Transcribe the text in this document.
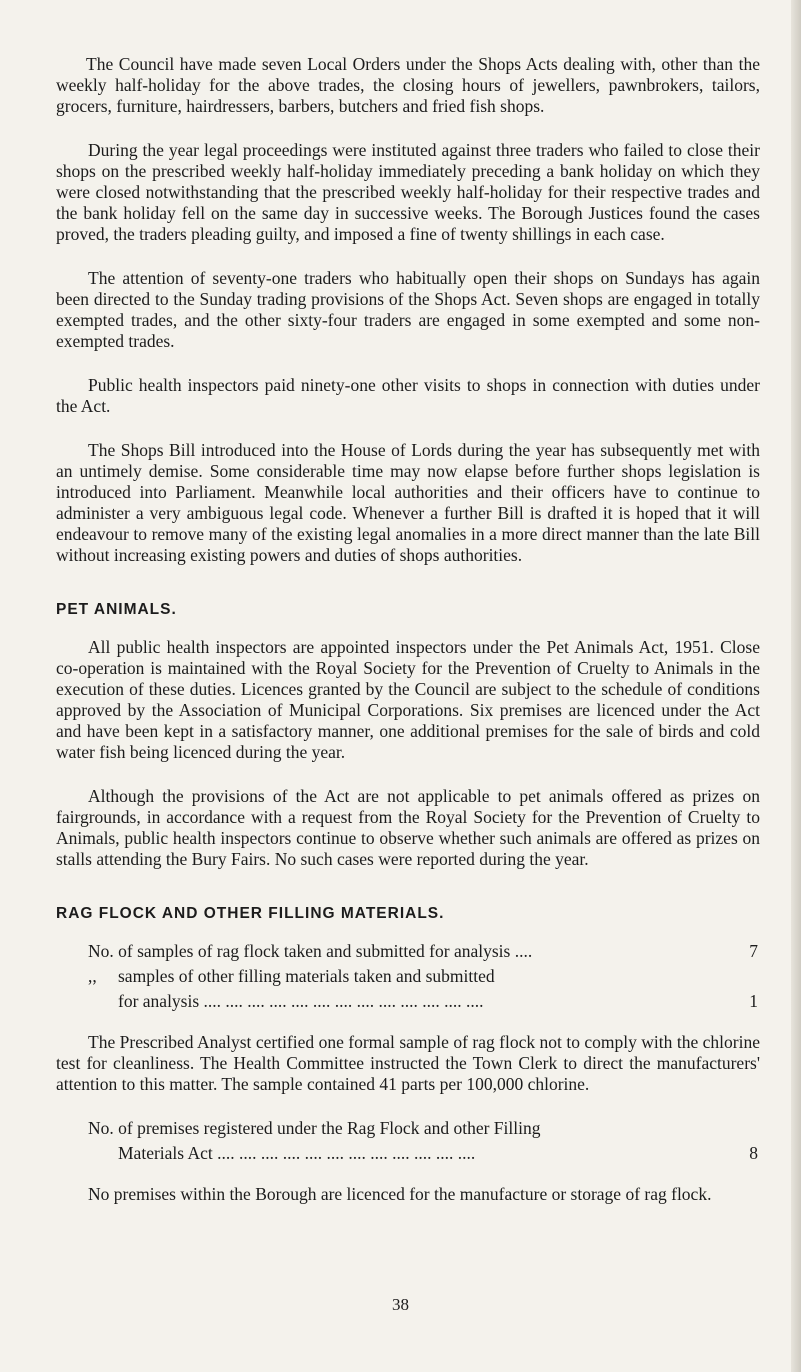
The Council have made seven Local Orders under the Shops Acts dealing with, other than the weekly half-holiday for the above trades, the closing hours of jewellers, pawnbrokers, tailors, grocers, furniture, hairdressers, barbers, butchers and fried fish shops.

During the year legal proceedings were instituted against three traders who failed to close their shops on the prescribed weekly half-holiday immediately preceding a bank holiday on which they were closed notwithstanding that the prescribed weekly half-holiday for their respective trades and the bank holiday fell on the same day in successive weeks. The Borough Justices found the cases proved, the traders pleading guilty, and imposed a fine of twenty shillings in each case.

The attention of seventy-one traders who habitually open their shops on Sundays has again been directed to the Sunday trading provisions of the Shops Act. Seven shops are engaged in totally exempted trades, and the other sixty-four traders are engaged in some exempted and some non-exempted trades.

Public health inspectors paid ninety-one other visits to shops in connection with duties under the Act.

The Shops Bill introduced into the House of Lords during the year has subsequently met with an untimely demise. Some considerable time may now elapse before further shops legislation is introduced into Parliament. Meanwhile local authorities and their officers have to continue to administer a very ambiguous legal code. Whenever a further Bill is drafted it is hoped that it will endeavour to remove many of the existing legal anomalies in a more direct manner than the late Bill without increasing existing powers and duties of shops authorities.

PET ANIMALS.

All public health inspectors are appointed inspectors under the Pet Animals Act, 1951. Close co-operation is maintained with the Royal Society for the Prevention of Cruelty to Animals in the execution of these duties. Licences granted by the Council are subject to the schedule of conditions approved by the Association of Municipal Corporations. Six premises are licenced under the Act and have been kept in a satisfactory manner, one additional premises for the sale of birds and cold water fish being licenced during the year.

Although the provisions of the Act are not applicable to pet animals offered as prizes on fairgrounds, in accordance with a request from the Royal Society for the Prevention of Cruelty to Animals, public health inspectors continue to observe whether such animals are offered as prizes on stalls attending the Bury Fairs. No such cases were reported during the year.

RAG FLOCK AND OTHER FILLING MATERIALS.
No. of samples of rag flock taken and submitted for analysis ....	7
,,	samples of other filling materials taken and submitted
for analysis .... .... .... .... .... .... .... .... .... .... .... .... ....	1

The Prescribed Analyst certified one formal sample of rag flock not to comply with the chlorine test for cleanliness. The Health Committee instructed the Town Clerk to direct the manufacturers' attention to this matter. The sample contained 41 parts per 100,000 chlorine.

No. of premises registered under the Rag Flock and other Filling
Materials Act .... .... .... .... .... .... .... .... .... .... .... ....	8

No premises within the Borough are licenced for the manufacture or storage of rag flock.

38
